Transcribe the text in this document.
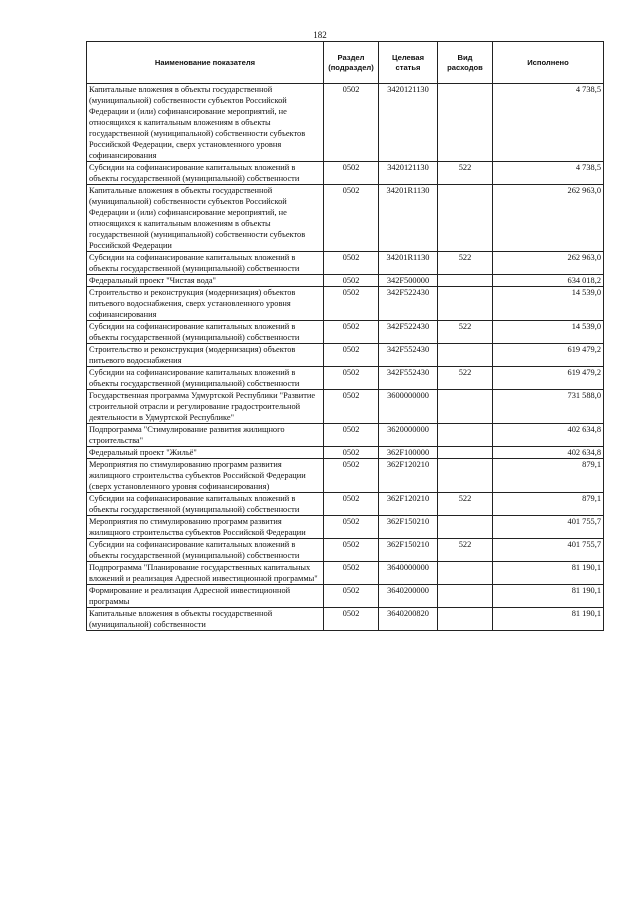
182
Наименование показателя	Раздел (подраздел)	Целевая статья	Вид расходов	Исполнено
Капитальные вложения в объекты государственной (муниципальной) собственности субъектов Российской Федерации и (или) софинансирование мероприятий, не относящихся к капитальным вложениям в объекты государственной (муниципальной) собственности субъектов Российской Федерации, сверх установленного уровня софинансирования	0502	3420121130		4 738,5
Субсидии на софинансирование капитальных вложений в объекты государственной (муниципальной) собственности	0502	3420121130	522	4 738,5
Капитальные вложения в объекты государственной (муниципальной) собственности субъектов Российской Федерации и (или) софинансирование мероприятий, не относящихся к капитальным вложениям в объекты государственной (муниципальной) собственности субъектов Российской Федерации	0502	34201R1130		262 963,0
Субсидии на софинансирование капитальных вложений в объекты государственной (муниципальной) собственности	0502	34201R1130	522	262 963,0
Федеральный проект "Чистая вода"	0502	342F500000		634 018,2
Строительство и реконструкция (модернизация) объектов питьевого водоснабжения, сверх установленного уровня софинансирования	0502	342F522430		14 539,0
Субсидии на софинансирование капитальных вложений в объекты государственной (муниципальной) собственности	0502	342F522430	522	14 539,0
Строительство и реконструкция (модернизация) объектов питьевого водоснабжения	0502	342F552430		619 479,2
Субсидии на софинансирование капитальных вложений в объекты государственной (муниципальной) собственности	0502	342F552430	522	619 479,2
Государственная программа Удмуртской Республики "Развитие строительной отрасли и регулирование градостроительной деятельности в Удмуртской Республике"	0502	3600000000		731 588,0
Подпрограмма "Стимулирование развития жилищного строительства"	0502	3620000000		402 634,8
Федеральный проект "Жильё"	0502	362F100000		402 634,8
Мероприятия по стимулированию программ развития жилищного строительства субъектов Российской Федерации (сверх установленного уровня софинансирования)	0502	362F120210		879,1
Субсидии на софинансирование капитальных вложений в объекты государственной (муниципальной) собственности	0502	362F120210	522	879,1
Мероприятия по стимулированию программ развития жилищного строительства субъектов Российской Федерации	0502	362F150210		401 755,7
Субсидии на софинансирование капитальных вложений в объекты государственной (муниципальной) собственности	0502	362F150210	522	401 755,7
Подпрограмма "Планирование государственных капитальных вложений и реализация Адресной инвестиционной программы"	0502	3640000000		81 190,1
Формирование и реализация Адресной инвестиционной программы	0502	3640200000		81 190,1
Капитальные вложения в объекты государственной (муниципальной) собственности	0502	3640200820		81 190,1
